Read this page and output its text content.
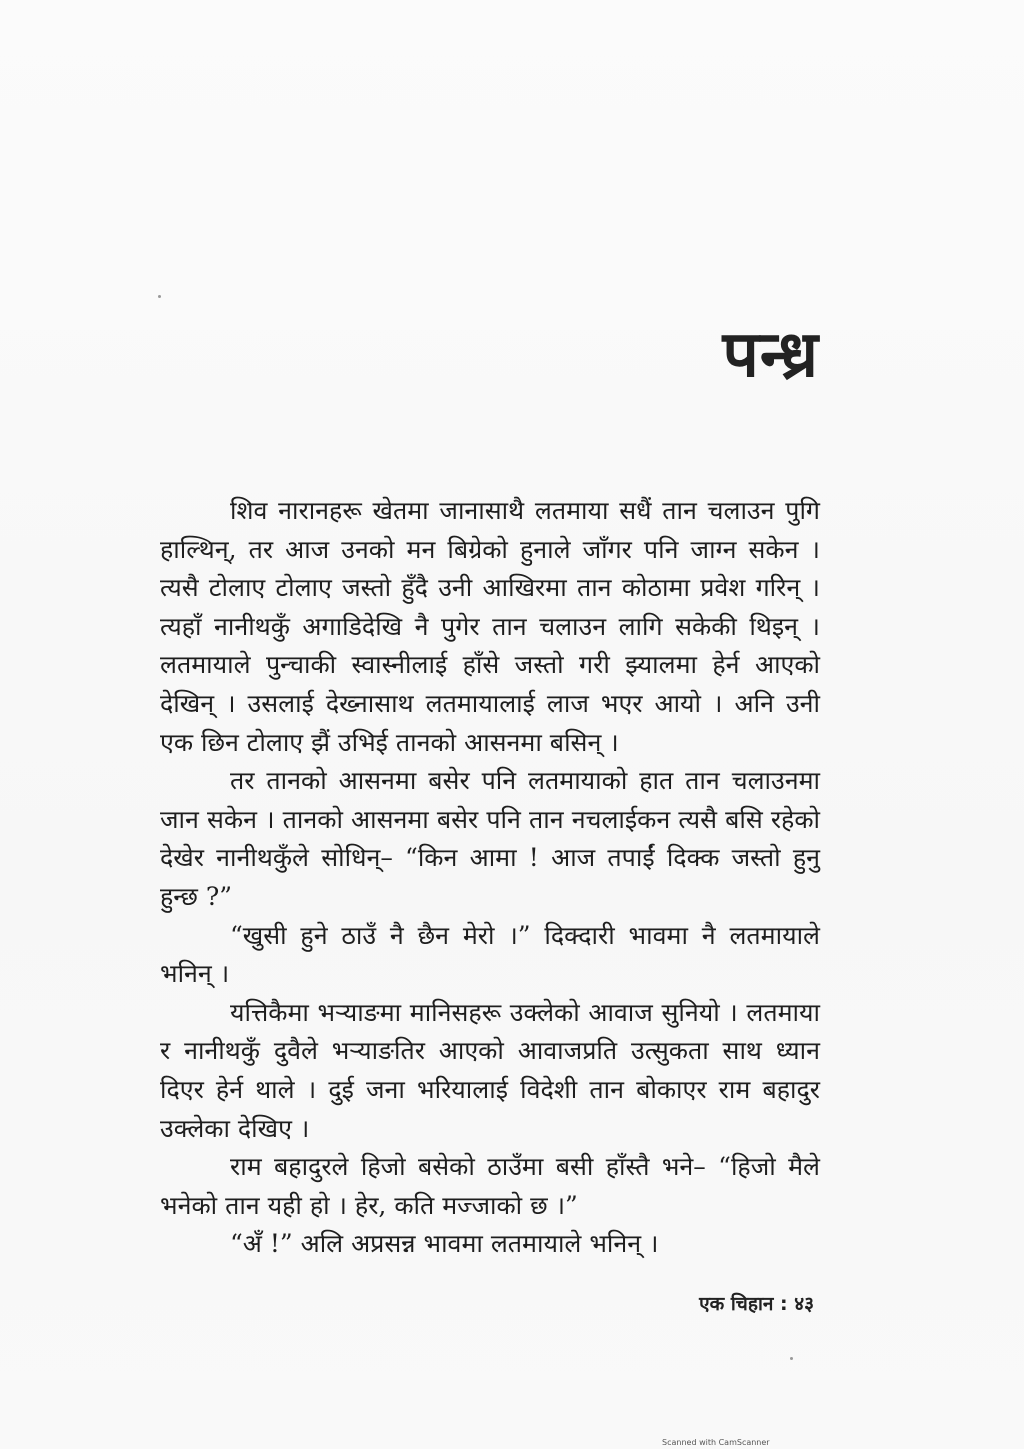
पन्ध्र

शिव नारानहरू खेतमा जानासाथै लतमाया सधैं तान चलाउन पुगि हाल्थिन्, तर आज उनको मन बिग्रेको हुनाले जाँगर पनि जाग्न सकेन । त्यसै टोलाए टोलाए जस्तो हुँदै उनी आखिरमा तान कोठामा प्रवेश गरिन् । त्यहाँ नानीथकुँ अगाडिदेखि नै पुगेर तान चलाउन लागि सकेकी थिइन् । लतमायाले पुन्चाकी स्वास्नीलाई हाँसे जस्तो गरी झ्यालमा हेर्न आएको देखिन् । उसलाई देख्नासाथ लतमायालाई लाज भएर आयो । अनि उनी एक छिन टोलाए झैं उभिई तानको आसनमा बसिन् ।

तर तानको आसनमा बसेर पनि लतमायाको हात तान चलाउनमा जान सकेन । तानको आसनमा बसेर पनि तान नचलाईकन त्यसै बसि रहेको देखेर नानीथकुँले सोधिन्– “किन आमा ! आज तपाईं दिक्क जस्तो हुनु हुन्छ ?”

“खुसी हुने ठाउँ नै छैन मेरो ।” दिक्दारी भावमा नै लतमायाले भनिन् ।

यत्तिकैमा भऱ्याङमा मानिसहरू उक्लेको आवाज सुनियो । लतमाया र नानीथकुँ दुवैले भऱ्याङतिर आएको आवाजप्रति उत्सुकता साथ ध्यान दिएर हेर्न थाले । दुई जना भरियालाई विदेशी तान बोकाएर राम बहादुर उक्लेका देखिए ।

राम बहादुरले हिजो बसेको ठाउँमा बसी हाँस्तै भने– “हिजो मैले भनेको तान यही हो । हेर, कति मज्जाको छ ।”

“अँ !” अलि अप्रसन्न भावमा लतमायाले भनिन् ।

एक चिहान : ४३
Scanned with CamScanner
